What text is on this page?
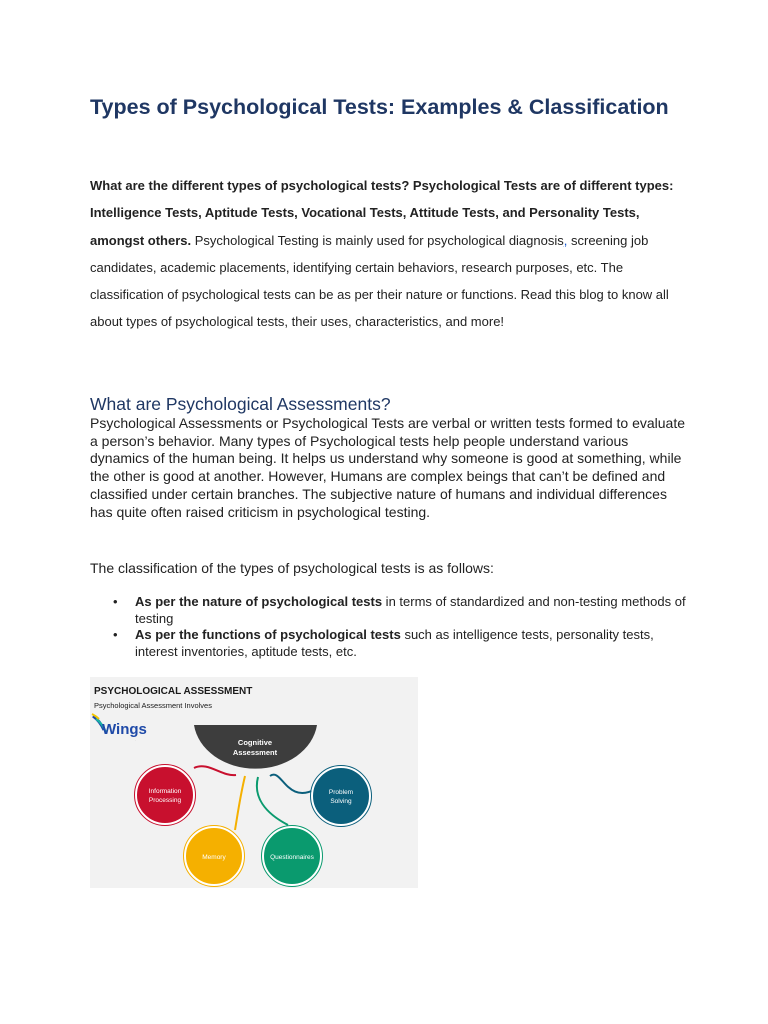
Types of Psychological Tests: Examples & Classification

What are the different types of psychological tests? Psychological Tests are of different types: Intelligence Tests, Aptitude Tests, Vocational Tests, Attitude Tests, and Personality Tests, amongst others. Psychological Testing is mainly used for psychological diagnosis, screening job candidates, academic placements, identifying certain behaviors, research purposes, etc. The classification of psychological tests can be as per their nature or functions. Read this blog to know all about types of psychological tests, their uses, characteristics, and more!

What are Psychological Assessments?

Psychological Assessments or Psychological Tests are verbal or written tests formed to evaluate a person’s behavior. Many types of Psychological tests help people understand various dynamics of the human being. It helps us understand why someone is good at something, while the other is good at another. However, Humans are complex beings that can’t be defined and classified under certain branches. The subjective nature of humans and individual differences has quite often raised criticism in psychological testing.

The classification of the types of psychological tests is as follows:

• As per the nature of psychological tests in terms of standardized and non-testing methods of testing
• As per the functions of psychological tests such as intelligence tests, personality tests, interest inventories, aptitude tests, etc.
PSYCHOLOGICAL ASSESSMENT
Psychological Assessment Involves
Wings
·	Cognitive
Assessment
Information
Processing
Memory	Questionnaires
Problem
Solving
